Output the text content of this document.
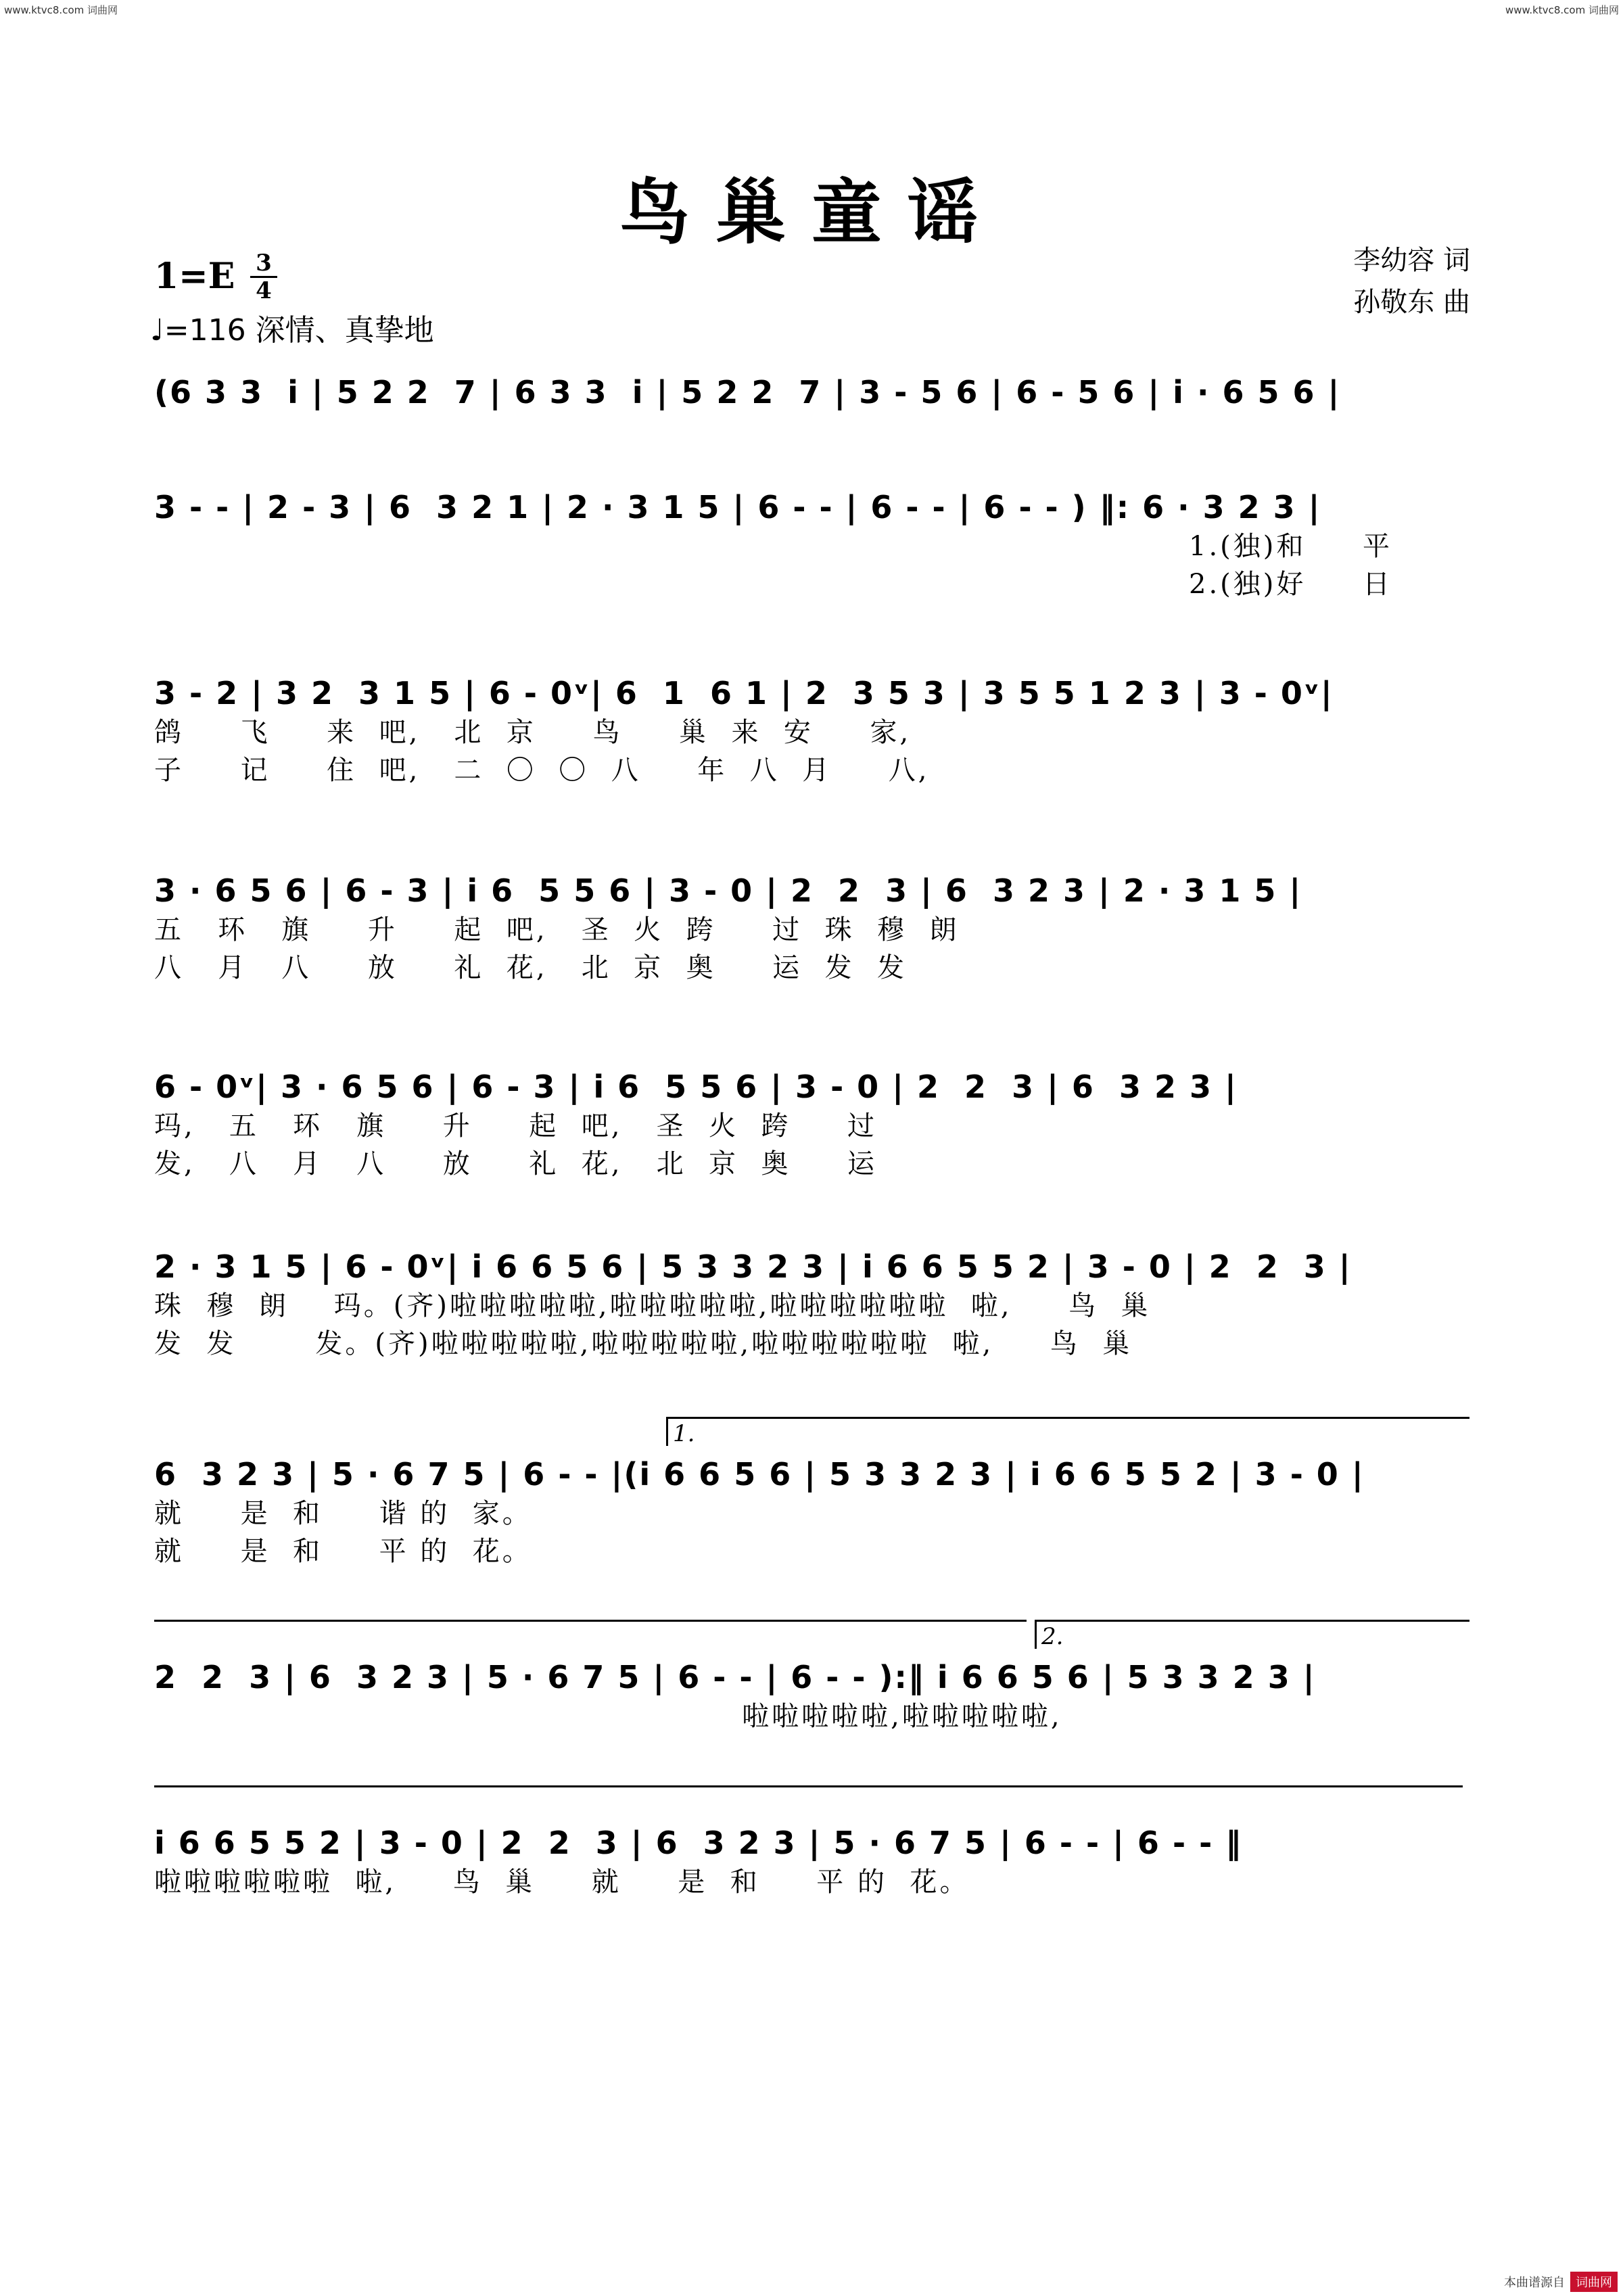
www.ktvc8.com 词曲网	www.ktvc8.com 词曲网
鸟巢童谣
1=E 3
4
♩=116 深情、真挚地
李幼容 词
孙敬东 曲
(6 3 3  i | 5 2 2  7 | 6 3 3  i | 5 2 2  7 | 3 - 5 6 | 6 - 5 6 | i · 6 5 6 |
3 - - | 2 - 3 | 6  3 2 1 | 2 · 3 1 5 | 6 - - | 6 - - | 6 - - ) ‖: 6 · 3 2 3 |
1.(独)和     平
2.(独)好     日
3 - 2 | 3 2  3 1 5 | 6 - 0ᵛ| 6  1  6 1 | 2  3 5 3 | 3 5 5 1 2 3 | 3 - 0ᵛ|
鸽     飞     来  吧,   北  京     鸟     巢  来  安     家,
子     记     住  吧,   二  〇  〇  八     年  八  月     八,
3 · 6 5 6 | 6 - 3 | i 6  5 5 6 | 3 - 0 | 2  2  3 | 6  3 2 3 | 2 · 3 1 5 |
五   环   旗     升     起  吧,   圣  火  跨     过  珠  穆  朗
八   月   八     放     礼  花,   北  京  奥     运  发  发
6 - 0ᵛ| 3 · 6 5 6 | 6 - 3 | i 6  5 5 6 | 3 - 0 | 2  2  3 | 6  3 2 3 |
玛,   五   环   旗     升     起  吧,   圣  火  跨     过
发,   八   月   八     放     礼  花,   北  京  奥     运
2 · 3 1 5 | 6 - 0ᵛ| i 6 6 5 6 | 5 3 3 2 3 | i 6 6 5 5 2 | 3 - 0 | 2  2  3 |
珠  穆  朗    玛。(齐)啦啦啦啦啦,啦啦啦啦啦,啦啦啦啦啦啦  啦,     鸟  巢
发  发       发。(齐)啦啦啦啦啦,啦啦啦啦啦,啦啦啦啦啦啦  啦,     鸟  巢
1.
6  3 2 3 | 5 · 6 7 5 | 6 - - |(i 6 6 5 6 | 5 3 3 2 3 | i 6 6 5 5 2 | 3 - 0 |
就     是  和     谐 的  家。
就     是  和     平 的  花。
2.
2  2  3 | 6  3 2 3 | 5 · 6 7 5 | 6 - - | 6 - - ):‖ i 6 6 5 6 | 5 3 3 2 3 |
啦啦啦啦啦,啦啦啦啦啦,
i 6 6 5 5 2 | 3 - 0 | 2  2  3 | 6  3 2 3 | 5 · 6 7 5 | 6 - - | 6 - - ‖
啦啦啦啦啦啦  啦,     鸟  巢     就     是  和     平 的  花。
本曲谱源自 词曲网
